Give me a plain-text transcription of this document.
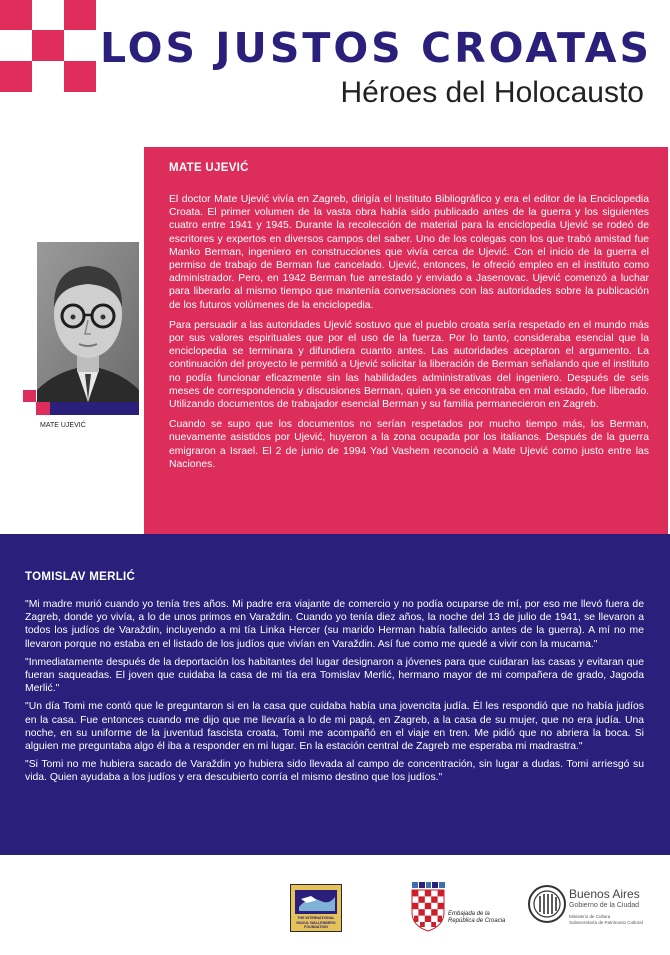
LOS JUSTOS CROATAS
Héroes del Holocausto
MATE UJEVIĆ
MATE UJEVIĆ

El doctor Mate Ujević vivía en Zagreb, dirigía el Instituto Bibliográfico y era el editor de la Enciclopedia Croata. El primer volumen de la vasta obra había sido publicado antes de la guerra y los siguientes cuatro entre 1941 y 1945. Durante la recolección de material para la enciclopedia Ujević se rodeó de escritores y expertos en diversos campos del saber. Uno de los colegas con los que trabó amistad fue Manko Berman, ingeniero en construcciones que vivía cerca de Ujević. Con el inicio de la guerra el permiso de trabajo de Berman fue cancelado. Ujević, entonces, le ofreció empleo en el instituto como administrador. Pero, en 1942 Berman fue arrestado y enviado a Jasenovac. Ujević comenzó a luchar para liberarlo al mismo tiempo que mantenía conversaciones con las autoridades sobre la publicación de los futuros volúmenes de la enciclopedia.

Para persuadir a las autoridades Ujević sostuvo que el pueblo croata sería respetado en el mundo más por sus valores espirituales que por el uso de la fuerza. Por lo tanto, consideraba esencial que la enciclopedia se terminara y difundiera cuanto antes. Las autoridades aceptaron el argumento. La continuación del proyecto le permitió a Ujević solicitar la liberación de Berman señalando que el instituto no podía funcionar eficazmente sin las habilidades administrativas del ingeniero. Después de seis meses de correspondencia y discusiones Berman, quien ya se encontraba en mal estado, fue liberado. Utilizando documentos de trabajador esencial Berman y su familia permanecieron en Zagreb.

Cuando se supo que los documentos no serían respetados por mucho tiempo más, los Berman, nuevamente asistidos por Ujević, huyeron a la zona ocupada por los italianos. Después de la guerra emigraron a Israel. El 2 de junio de 1994 Yad Vashem reconoció a Mate Ujević como justo entre las Naciones.

TOMISLAV MERLIĆ

"Mi madre murió cuando yo tenía tres años. Mi padre era viajante de comercio y no podía ocuparse de mí, por eso me llevó fuera de Zagreb, donde yo vivía, a lo de unos primos en Varaždin. Cuando yo tenía diez años, la noche del 13 de julio de 1941, se llevaron a todos los judíos de Varaždin, incluyendo a mi tía Linka Hercer (su marido Herman había fallecido antes de la guerra). A mí no me llevaron porque no estaba en el listado de los judíos que vivían en Varaždin. Así fue como me quedé a vivir con la mucama."

"Inmediatamente después de la deportación los habitantes del lugar designaron a jóvenes para que cuidaran las casas y evitaran que fueran saqueadas. El joven que cuidaba la casa de mi tía era Tomislav Merlić, hermano mayor de mi compañera de grado, Jagoda Merlić."

"Un día Tomi me contó que le preguntaron si en la casa que cuidaba había una jovencita judía. Él les respondió que no había judíos en la casa. Fue entonces cuando me dijo que me llevaría a lo de mi papá, en Zagreb, a la casa de su mujer, que no era judía. Una noche, en su uniforme de la juventud fascista croata, Tomi me acompañó en el viaje en tren. Me pidió que no abriera la boca. Si alguien me preguntaba algo él iba a responder en mi lugar. En la estación central de Zagreb me esperaba mi madrastra."

"Si Tomi no me hubiera sacado de Varaždin yo hubiera sido llevada al campo de concentración, sin lugar a dudas. Tomi arriesgó su vida. Quien ayudaba a los judíos y era descubierto corría el mismo destino que los judíos."

THE INTERNATIONAL
RAOUL WALLENBERG
FOUNDATION
Embajada de la
República de Croacia
Buenos Aires
Gobierno de la Ciudad
Ministerio de Cultura
Subsecretaría de Patrimonio Cultural
